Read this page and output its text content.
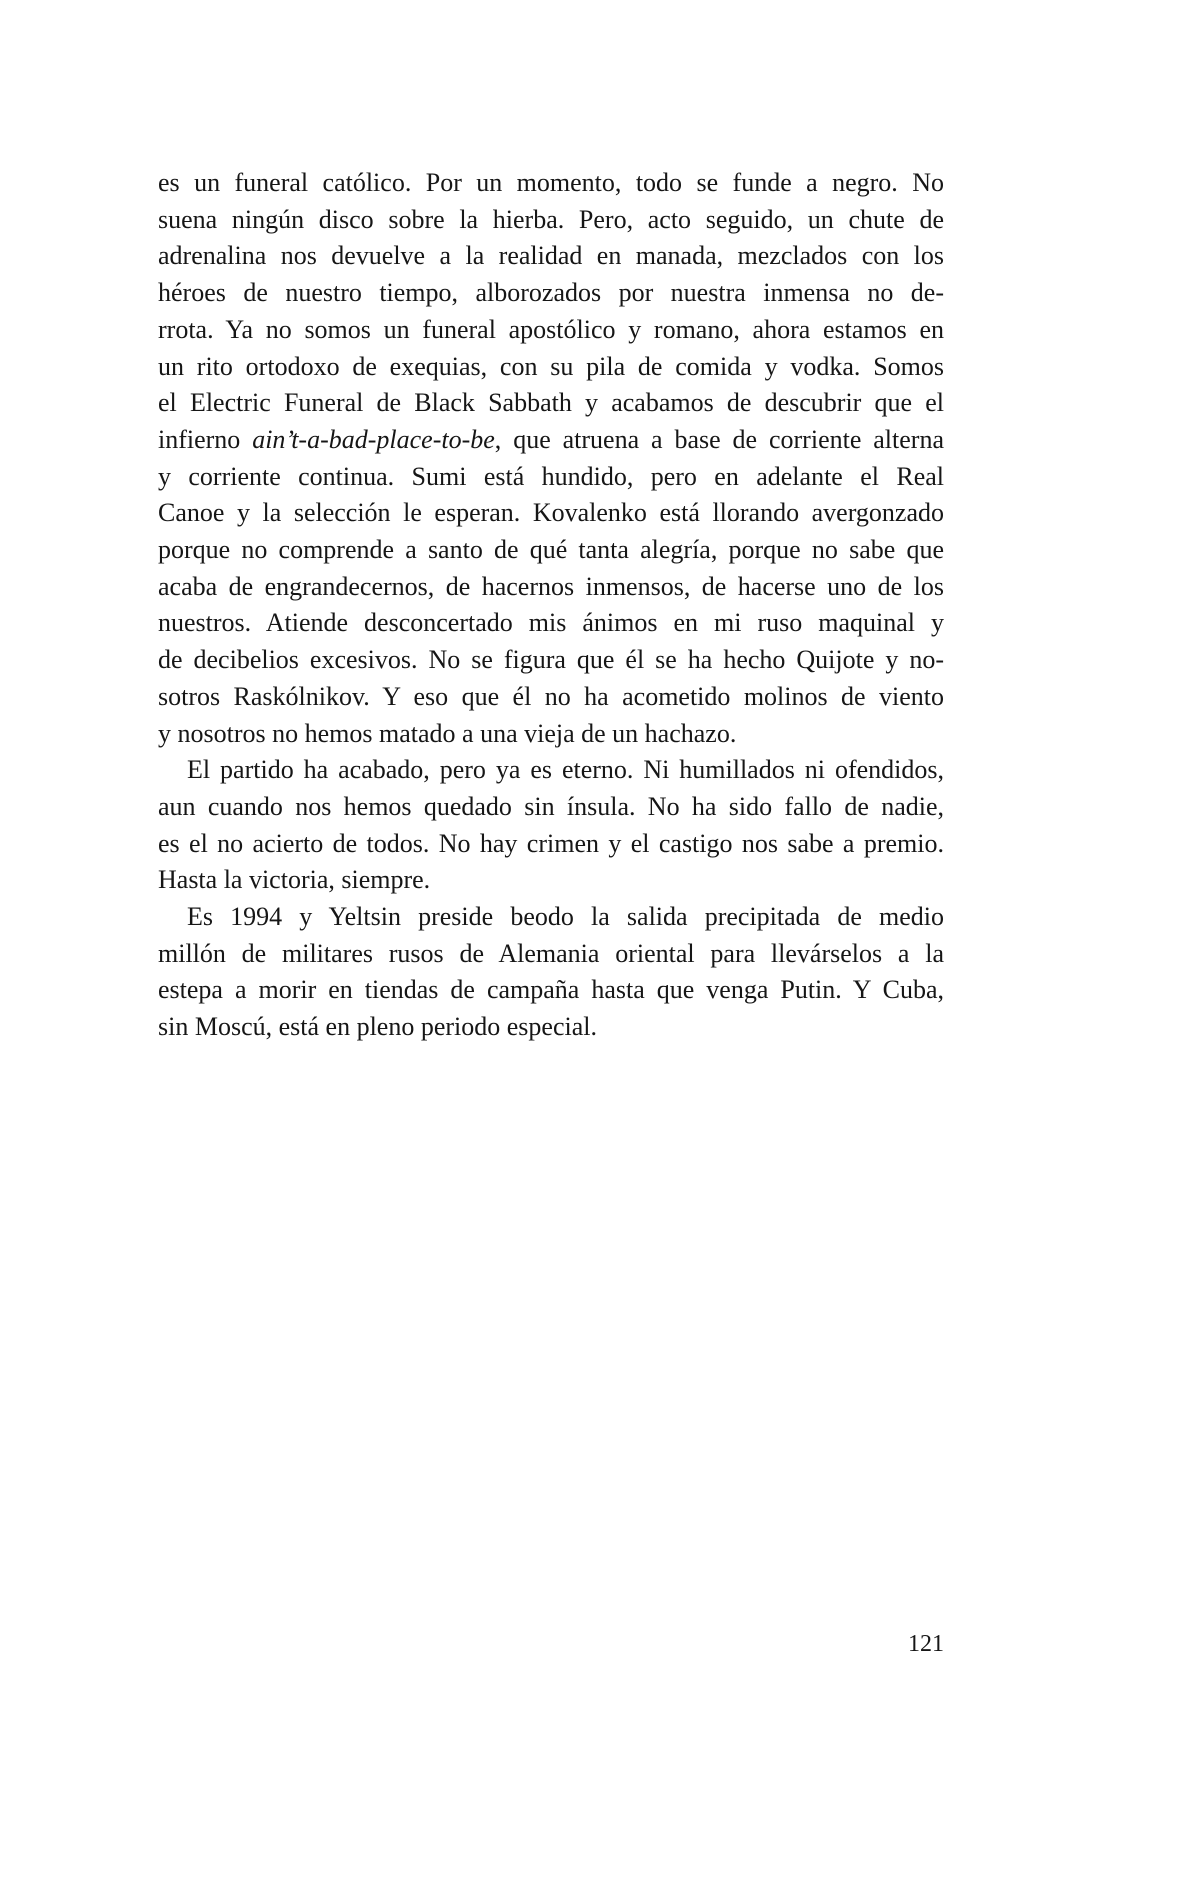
es un funeral católico. Por un momento, todo se funde a negro. No
suena ningún disco sobre la hierba. Pero, acto seguido, un chute de
adrenalina nos devuelve a la realidad en manada, mezclados con los
héroes de nuestro tiempo, alborozados por nuestra inmensa no de-
rrota. Ya no somos un funeral apostólico y romano, ahora estamos en
un rito ortodoxo de exequias, con su pila de comida y vodka. Somos
el Electric Funeral de Black Sabbath y acabamos de descubrir que el
infierno ain’t-a-bad-place-to-be, que atruena a base de corriente alterna
y corriente continua. Sumi está hundido, pero en adelante el Real
Canoe y la selección le esperan. Kovalenko está llorando avergonzado
porque no comprende a santo de qué tanta alegría, porque no sabe que
acaba de engrandecernos, de hacernos inmensos, de hacerse uno de los
nuestros. Atiende desconcertado mis ánimos en mi ruso maquinal y
de decibelios excesivos. No se figura que él se ha hecho Quijote y no-
sotros Raskólnikov. Y eso que él no ha acometido molinos de viento
y nosotros no hemos matado a una vieja de un hachazo.
El partido ha acabado, pero ya es eterno. Ni humillados ni ofendidos,
aun cuando nos hemos quedado sin ínsula. No ha sido fallo de nadie,
es el no acierto de todos. No hay crimen y el castigo nos sabe a premio.
Hasta la victoria, siempre.
Es 1994 y Yeltsin preside beodo la salida precipitada de medio
millón de militares rusos de Alemania oriental para llevárselos a la
estepa a morir en tiendas de campaña hasta que venga Putin. Y Cuba,
sin Moscú, está en pleno periodo especial.
121
